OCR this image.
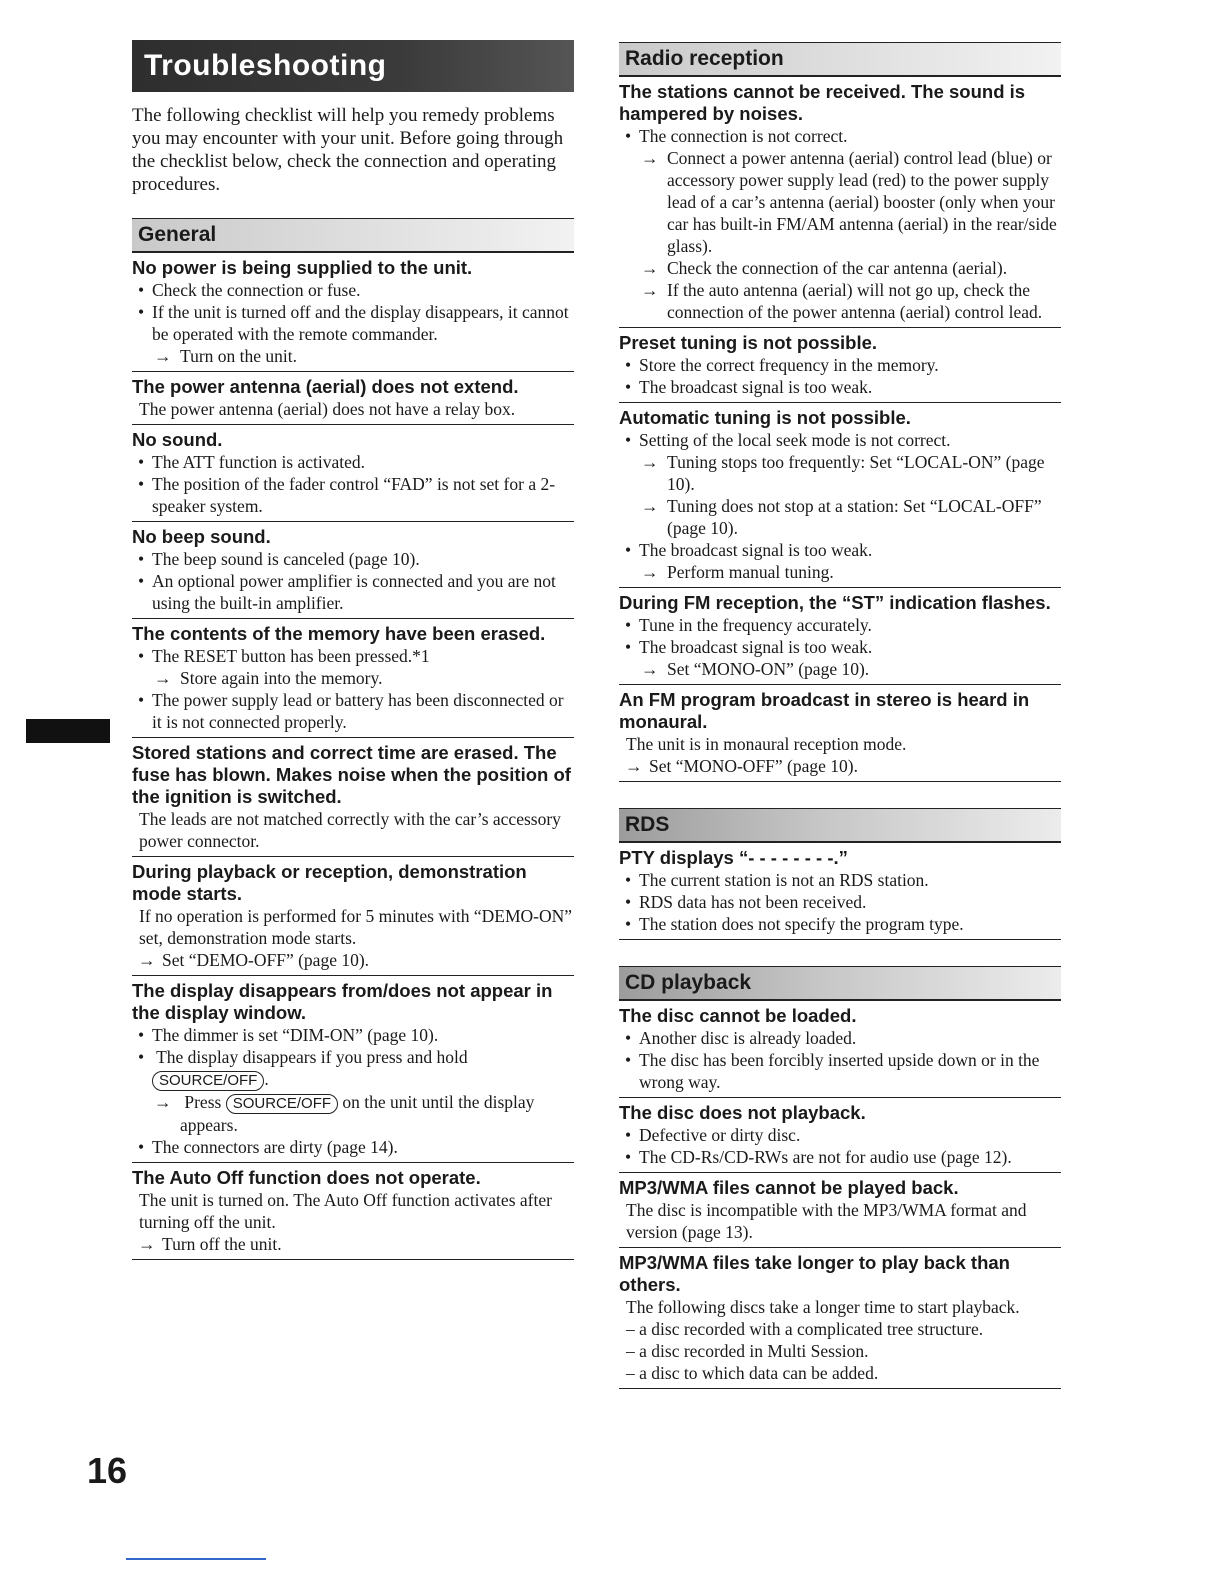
Troubleshooting
The following checklist will help you remedy problems you may encounter with your unit. Before going through the checklist below, check the connection and operating procedures.
General
No power is being supplied to the unit.
• Check the connection or fuse.
• If the unit is turned off and the display disappears, it cannot be operated with the remote commander.
→ Turn on the unit.
The power antenna (aerial) does not extend.
The power antenna (aerial) does not have a relay box.
No sound.
• The ATT function is activated.
• The position of the fader control “FAD” is not set for a 2-speaker system.
No beep sound.
• The beep sound is canceled (page 10).
• An optional power amplifier is connected and you are not using the built-in amplifier.
The contents of the memory have been erased.
• The RESET button has been pressed.*1
→ Store again into the memory.
• The power supply lead or battery has been disconnected or it is not connected properly.
Stored stations and correct time are erased. The fuse has blown. Makes noise when the position of the ignition is switched.
The leads are not matched correctly with the car’s accessory power connector.
During playback or reception, demonstration mode starts.
If no operation is performed for 5 minutes with “DEMO-ON” set, demonstration mode starts.
→ Set “DEMO-OFF” (page 10).
The display disappears from/does not appear in the display window.
• The dimmer is set “DIM-ON” (page 10).
• The display disappears if you press and hold
SOURCE/OFF .
→ Press SOURCE/OFF on the unit until the display appears.
• The connectors are dirty (page 14).
The Auto Off function does not operate.
The unit is turned on. The Auto Off function activates after turning off the unit.
→ Turn off the unit.
Radio reception
The stations cannot be received. The sound is hampered by noises.
• The connection is not correct.
→ Connect a power antenna (aerial) control lead (blue) or accessory power supply lead (red) to the power supply lead of a car’s antenna (aerial) booster (only when your car has built-in FM/AM antenna (aerial) in the rear/side glass).
→ Check the connection of the car antenna (aerial).
→ If the auto antenna (aerial) will not go up, check the connection of the power antenna (aerial) control lead.
Preset tuning is not possible.
• Store the correct frequency in the memory.
• The broadcast signal is too weak.
Automatic tuning is not possible.
• Setting of the local seek mode is not correct.
→ Tuning stops too frequently: Set “LOCAL-ON” (page 10).
→ Tuning does not stop at a station: Set “LOCAL-OFF” (page 10).
• The broadcast signal is too weak.
→ Perform manual tuning.
During FM reception, the “ST” indication flashes.
• Tune in the frequency accurately.
• The broadcast signal is too weak.
→ Set “MONO-ON” (page 10).
An FM program broadcast in stereo is heard in monaural.
The unit is in monaural reception mode.
→ Set “MONO-OFF” (page 10).
RDS
PTY displays “- - - - - - - -.”
• The current station is not an RDS station.
• RDS data has not been received.
• The station does not specify the program type.
CD playback
The disc cannot be loaded.
• Another disc is already loaded.
• The disc has been forcibly inserted upside down or in the wrong way.
The disc does not playback.
• Defective or dirty disc.
• The CD-Rs/CD-RWs are not for audio use (page 12).
MP3/WMA files cannot be played back.
The disc is incompatible with the MP3/WMA format and version (page 13).
MP3/WMA files take longer to play back than others.
The following discs take a longer time to start playback.
– a disc recorded with a complicated tree structure.
– a disc recorded in Multi Session.
– a disc to which data can be added.
16
